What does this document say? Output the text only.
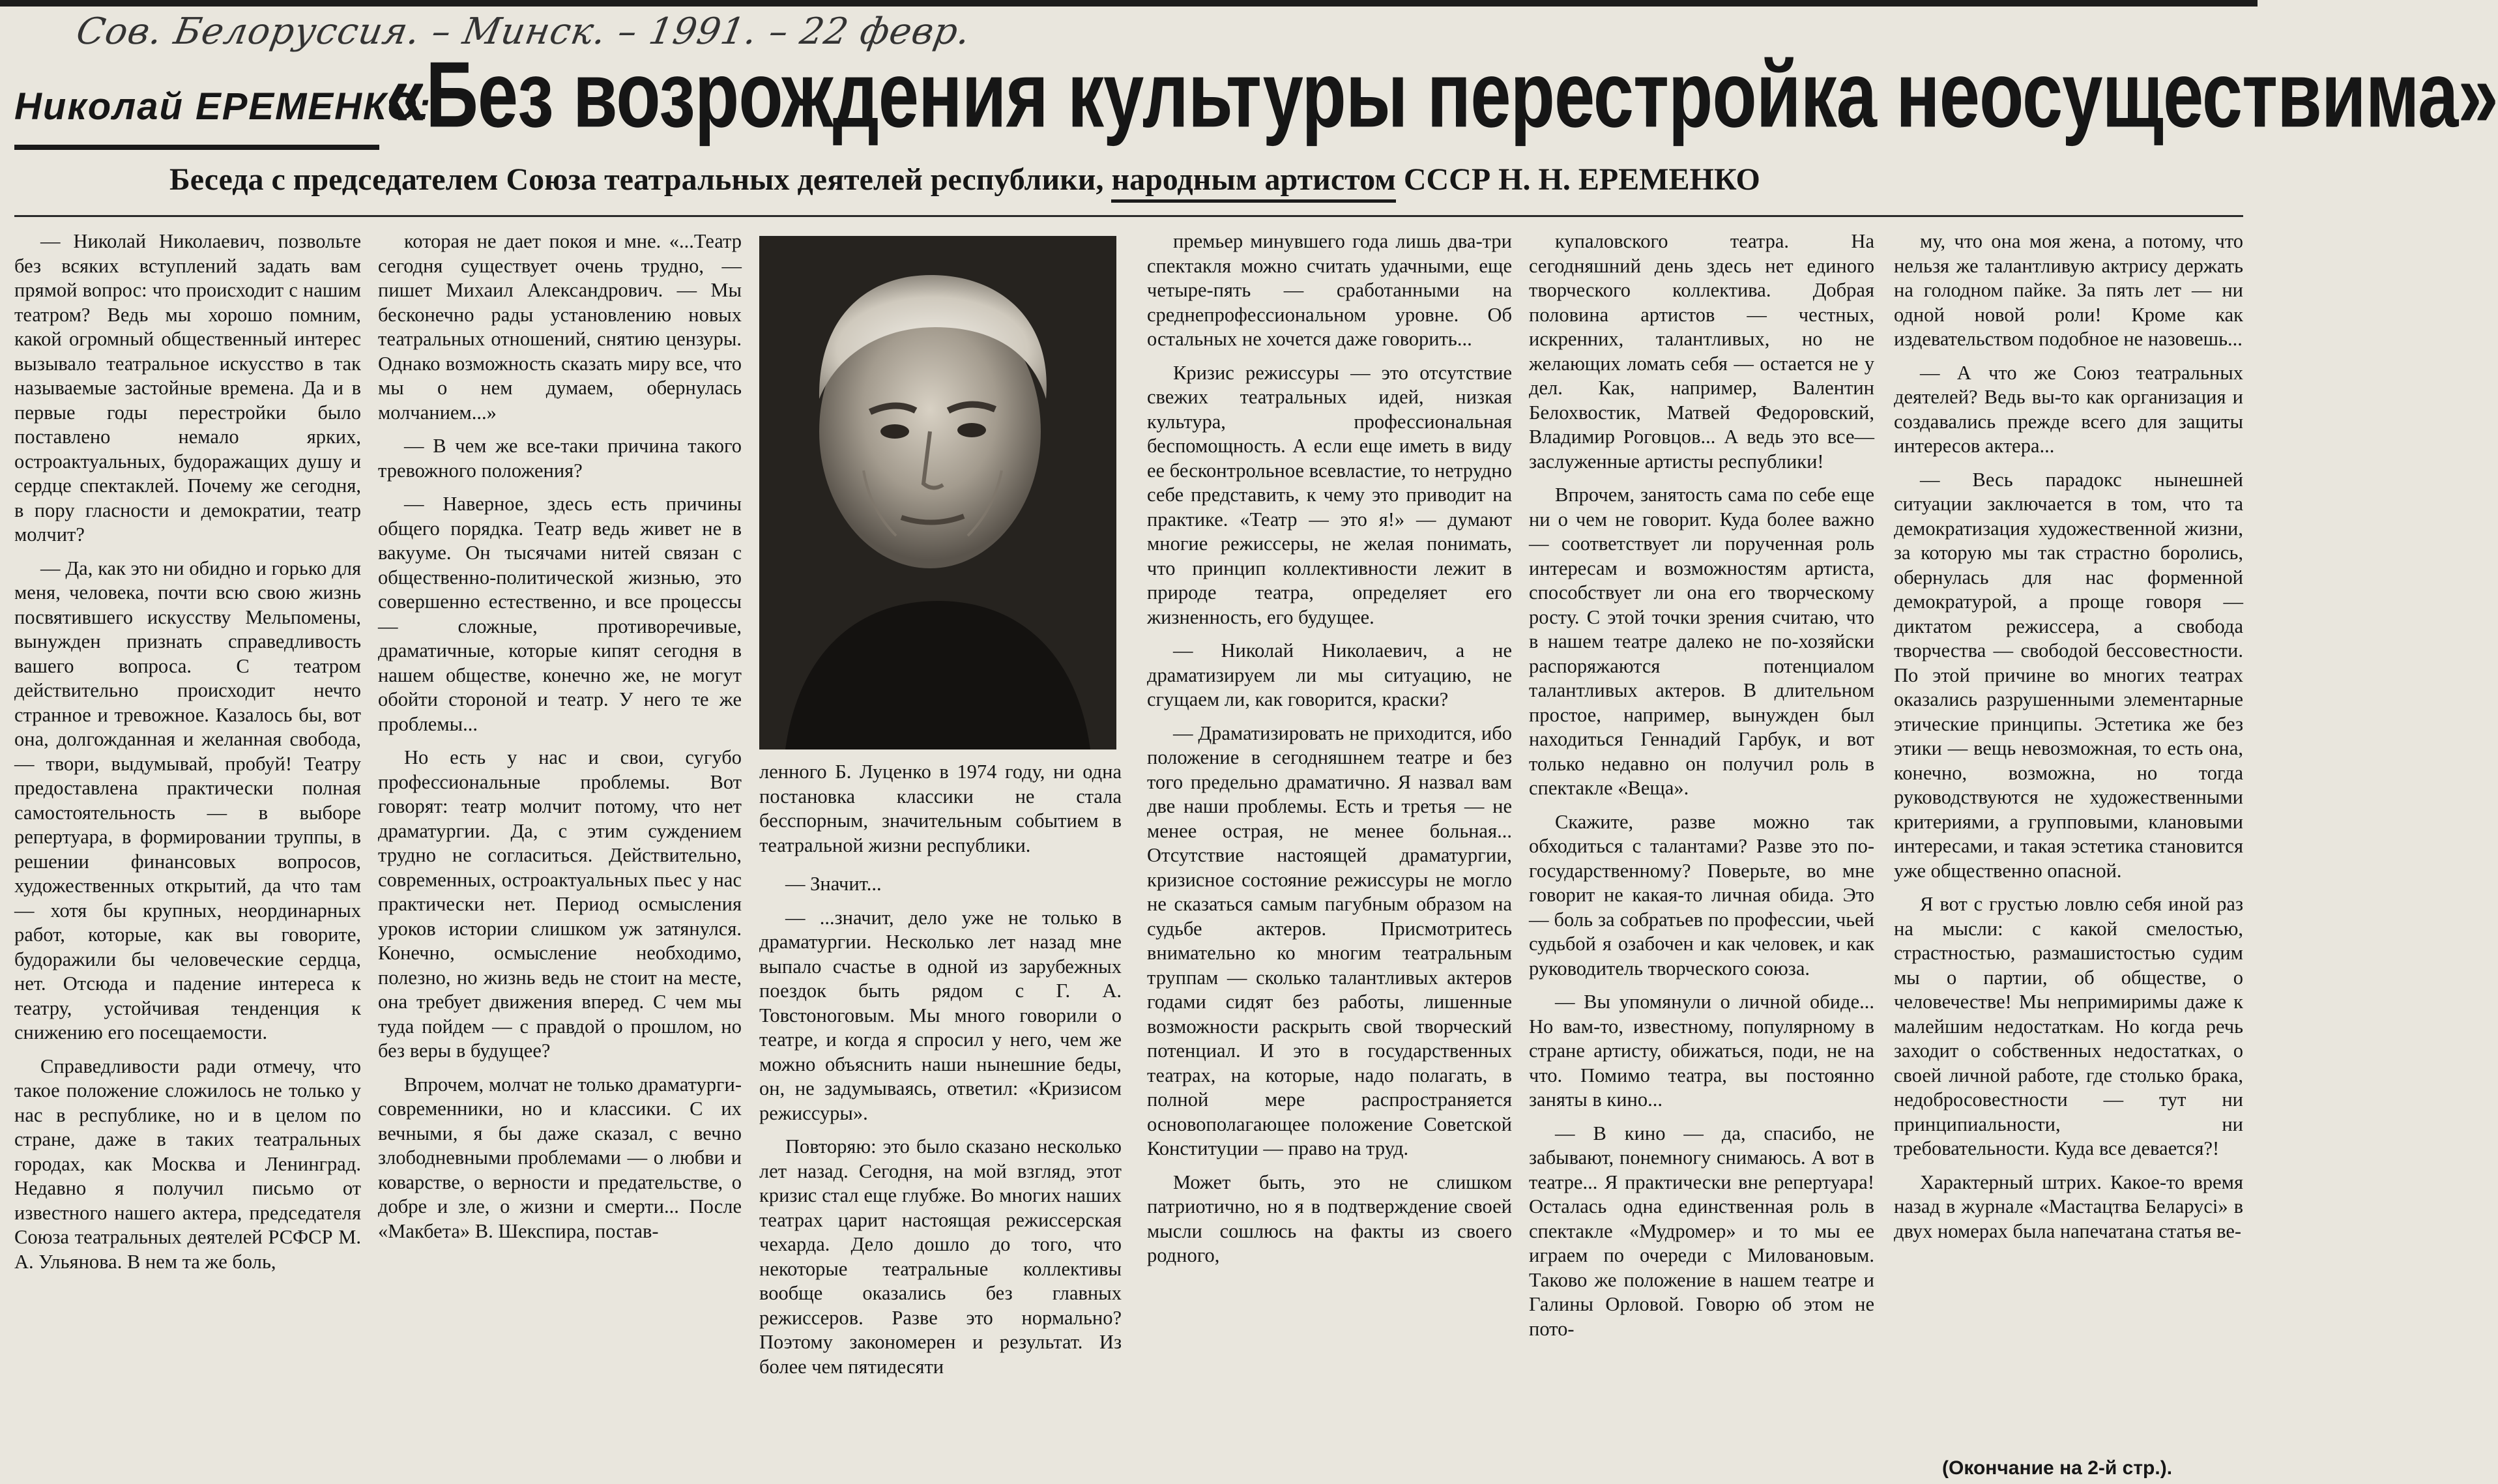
Сов. Белоруссия. – Минск. – 1991. – 22 февр.
Николай ЕРЕМЕНКО:
«Без возрождения культуры перестройка неосуществима»
Беседа с председателем Союза театральных деятелей республики, народным артистом СССР Н. Н. ЕРЕМЕНКО

— Николай Николаевич, позвольте без всяких вступлений задать вам прямой вопрос: что происходит с нашим театром? Ведь мы хорошо помним, какой огромный общественный интерес вызывало театральное искусство в так называемые застойные времена. Да и в первые годы перестройки было поставлено немало ярких, остроактуальных, будоражащих душу и сердце спектаклей. Почему же сегодня, в пору гласности и демократии, театр молчит?

— Да, как это ни обидно и горько для меня, человека, почти всю свою жизнь посвятившего искусству Мельпомены, вынужден признать справедливость вашего вопроса. С театром действительно происходит нечто странное и тревожное. Казалось бы, вот она, долгожданная и желанная свобода, — твори, выдумывай, пробуй! Театру предоставлена практически полная самостоятельность — в выборе репертуара, в формировании труппы, в решении финансовых вопросов, художественных открытий, да что там — хотя бы крупных, неординарных работ, которые, как вы говорите, будоражили бы человеческие сердца, нет. Отсюда и падение интереса к театру, устойчивая тенденция к снижению его посещаемости.

Справедливости ради отмечу, что такое положение сложилось не только у нас в республике, но и в целом по стране, даже в таких театральных городах, как Москва и Ленинград. Недавно я получил письмо от известного нашего актера, председателя Союза театральных деятелей РСФСР М. А. Ульянова. В нем та же боль,

которая не дает покоя и мне. «...Театр сегодня существует очень трудно, — пишет Михаил Александрович. — Мы бесконечно рады установлению новых театральных отношений, снятию цензуры. Однако возможность сказать миру все, что мы о нем думаем, обернулась молчанием...»

— В чем же все-таки причина такого тревожного положения?

— Наверное, здесь есть причины общего порядка. Театр ведь живет не в вакууме. Он тысячами нитей связан с общественно-политической жизнью, это совершенно естественно, и все процессы — сложные, противоречивые, драматичные, которые кипят сегодня в нашем обществе, конечно же, не могут обойти стороной и театр. У него те же проблемы...

Но есть у нас и свои, сугубо профессиональные проблемы. Вот говорят: театр молчит потому, что нет драматургии. Да, с этим суждением трудно не согласиться. Действительно, современных, остроактуальных пьес у нас практически нет. Период осмысления уроков истории слишком уж затянулся. Конечно, осмысление необходимо, полезно, но жизнь ведь не стоит на месте, она требует движения вперед. С чем мы туда пойдем — с правдой о прошлом, но без веры в будущее?

Впрочем, молчат не только драматурги-современники, но и классики. С их вечными, я бы даже сказал, с вечно злободневными проблемами — о любви и коварстве, о верности и предательстве, о добре и зле, о жизни и смерти... После «Макбета» В. Шекспира, постав-

ленного Б. Луценко в 1974 году, ни одна постановка классики не стала бесспорным, значительным событием в театральной жизни республики.

— Значит...

— ...значит, дело уже не только в драматургии. Несколько лет назад мне выпало счастье в одной из зарубежных поездок быть рядом с Г. А. Товстоноговым. Мы много говорили о театре, и когда я спросил у него, чем же можно объяснить наши нынешние беды, он, не задумываясь, ответил: «Кризисом режиссуры».

Повторяю: это было сказано несколько лет назад. Сегодня, на мой взгляд, этот кризис стал еще глубже. Во многих наших театрах царит настоящая режиссерская чехарда. Дело дошло до того, что некоторые театральные коллективы вообще оказались без главных режиссеров. Разве это нормально? Поэтому закономерен и результат. Из более чем пятидесяти

премьер минувшего года лишь два-три спектакля можно считать удачными, еще четыре-пять — сработанными на среднепрофессиональном уровне. Об остальных не хочется даже говорить...

Кризис режиссуры — это отсутствие свежих театральных идей, низкая культура, профессиональная беспомощность. А если еще иметь в виду ее бесконтрольное всевластие, то нетрудно себе представить, к чему это приводит на практике. «Театр — это я!» — думают многие режиссеры, не желая понимать, что принцип коллективности лежит в природе театра, определяет его жизненность, его будущее.

— Николай Николаевич, а не драматизируем ли мы ситуацию, не сгущаем ли, как говорится, краски?

— Драматизировать не приходится, ибо положение в сегодняшнем театре и без того предельно драматично. Я назвал вам две наши проблемы. Есть и третья — не менее острая, не менее больная... Отсутствие настоящей драматургии, кризисное состояние режиссуры не могло не сказаться самым пагубным образом на судьбе актеров. Присмотритесь внимательно ко многим театральным труппам — сколько талантливых актеров годами сидят без работы, лишенные возможности раскрыть свой творческий потенциал. И это в государственных театрах, на которые, надо полагать, в полной мере распространяется основополагающее положение Советской Конституции — право на труд.

Может быть, это не слишком патриотично, но я в подтверждение своей мысли сошлюсь на факты из своего родного,

купаловского театра. На сегодняшний день здесь нет единого творческого коллектива. Добрая половина артистов — честных, искренних, талантливых, но не желающих ломать себя — остается не у дел. Как, например, Валентин Белохвостик, Матвей Федоровский, Владимир Роговцов... А ведь это все—заслуженные артисты республики!

Впрочем, занятость сама по себе еще ни о чем не говорит. Куда более важно — соответствует ли порученная роль интересам и возможностям артиста, способствует ли она его творческому росту. С этой точки зрения считаю, что в нашем театре далеко не по-хозяйски распоряжаются потенциалом талантливых актеров. В длительном простое, например, вынужден был находиться Геннадий Гарбук, и вот только недавно он получил роль в спектакле «Веща».

Скажите, разве можно так обходиться с талантами? Разве это по-государственному? Поверьте, во мне говорит не какая-то личная обида. Это — боль за собратьев по профессии, чьей судьбой я озабочен и как человек, и как руководитель творческого союза.

— Вы упомянули о личной обиде... Но вам-то, известному, популярному в стране артисту, обижаться, поди, не на что. Помимо театра, вы постоянно заняты в кино...

— В кино — да, спасибо, не забывают, понемногу снимаюсь. А вот в театре... Я практически вне репертуара! Осталась одна единственная роль в спектакле «Мудромер» и то мы ее играем по очереди с Миловановым. Таково же положение в нашем театре и Галины Орловой. Говорю об этом не пото-

му, что она моя жена, а потому, что нельзя же талантливую актрису держать на голодном пайке. За пять лет — ни одной новой роли! Кроме как издевательством подобное не назовешь...

— А что же Союз театральных деятелей? Ведь вы-то как организация и создавались прежде всего для защиты интересов актера...

— Весь парадокс нынешней ситуации заключается в том, что та демократизация художественной жизни, за которую мы так страстно боролись, обернулась для нас форменной демократурой, а проще говоря — диктатом режиссера, а свобода творчества — свободой бессовестности. По этой причине во многих театрах оказались разрушенными элементарные этические принципы. Эстетика же без этики — вещь невозможная, то есть она, конечно, возможна, но тогда руководствуются не художественными критериями, а групповыми, клановыми интересами, и такая эстетика становится уже общественно опасной.

Я вот с грустью ловлю себя иной раз на мысли: с какой смелостью, страстностью, размашистостью судим мы о партии, об обществе, о человечестве! Мы непримиримы даже к малейшим недостаткам. Но когда речь заходит о собственных недостатках, о своей личной работе, где столько брака, недобросовестности — тут ни принципиальности, ни требовательности. Куда все девается?!

Характерный штрих. Какое-то время назад в журнале «Мастацтва Беларусі» в двух номерах была напечатана статья ве-

(Окончание на 2-й стр.).
